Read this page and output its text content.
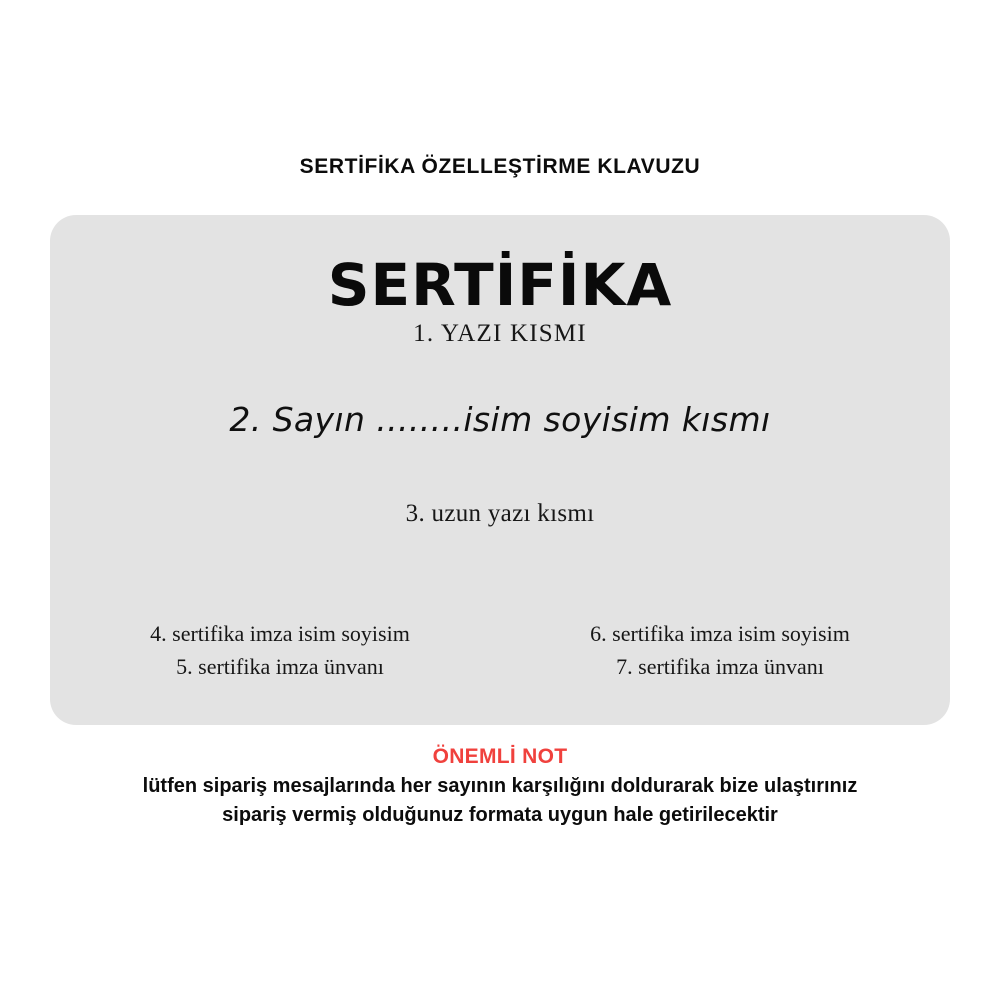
SERTİFİKA ÖZELLEŞTİRME KLAVUZU
SERTİFİKA
1. YAZI KISMI
2. Sayın ........isim soyisim kısmı
3. uzun yazı kısmı
4. sertifika imza isim soyisim
5. sertifika imza ünvanı
6. sertifika imza isim soyisim
7. sertifika imza ünvanı
ÖNEMLİ NOT
lütfen sipariş mesajlarında her sayının karşılığını doldurarak bize ulaştırınız
sipariş vermiş olduğunuz formata uygun hale getirilecektir
